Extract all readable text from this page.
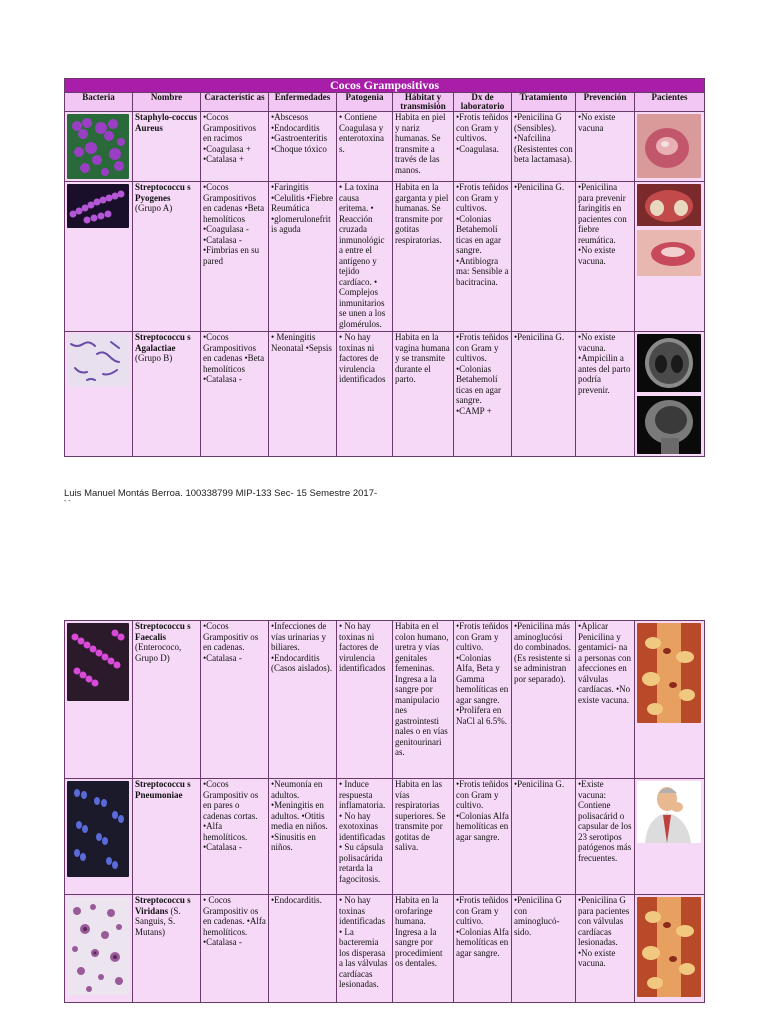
Cocos Grampositivos									
Bacteria	Nombre	Característic as	Enfermedades	Patogenia	Hábitat y transmisión	Dx de laboratorio	Tratamiento	Prevención	Pacientes

	Staphylo-coccus Aureus	•Cocos Grampositivos en racimos •Coagulasa + •Catalasa +	•Abscesos •Endocarditis •Gastroenteritis •Choque tóxico	• Contiene Coagulasa y enterotoxina s.	Habita en piel y nariz humanas. Se transmite a través de las manos.	•Frotis teñidos con Gram y cultivos. •Coagulasa.	•Penicilina G (Sensibles). •Nafcilina (Resistentes con beta lactamasa).	•No existe vacuna	

	Streptococcu s Pyogenes (Grupo A)	•Cocos Grampositivos en cadenas •Beta hemolíticos •Coagulasa - •Catalasa - •Fimbrias en su pared	•Faringitis •Celulitis •Fiebre Reumática •glomerulonefrit is aguda	• La toxina causa eritema. • Reacción cruzada inmunológic a entre el antígeno y tejido cardíaco. • Complejos inmunitarios se unen a los glomérulos.	Habita en la garganta y piel humanas. Se transmite por gotitas respiratorias.	•Frotis teñidos con Gram y cultivos. •Colonias Betahemolí ticas en agar sangre. •Antibiogra ma: Sensible a bacitracina.	•Penicilina G.	•Penicilina para prevenir faringitis en pacientes con fiebre reumática. •No existe vacuna.	

	Streptococcu s Agalactiae (Grupo B)	•Cocos Grampositivos en cadenas •Beta hemolíticos •Catalasa -	• Meningitis Neonatal •Sepsis	• No hay toxinas ni factores de virulencia identificados	Habita en la vagina humana y se transmite durante el parto.	•Frotis teñidos con Gram y cultivos. •Colonias Betahemolí ticas en agar sangre. •CAMP +	•Penicilina G.	•No existe vacuna. •Ampicilin a antes del parto podría prevenir.	
Luis Manuel Montás Berroa. 100338799 MIP-133 Sec- 15 Semestre 2017-
- -
	Streptococcu s Faecalis (Enterococo, Grupo D)	•Cocos Grampositiv os en cadenas. •Catalasa -	•Infecciones de vías urinarias y biliares. •Endocarditis (Casos aislados).	• No hay toxinas ni factores de virulencia identificados	Habita en el colon humano, uretra y vías genitales femeninas. Ingresa a la sangre por manipulacio nes gastrointesti nales o en vías genitourinari as.	•Frotis teñidos con Gram y cultivo. •Colonias Alfa, Beta y Gamma hemolíticas en agar sangre. •Prolifera en NaCl al 6.5%.	•Penicilina más aminoglucósi do combinados. (Es resistente si se administran por separado).	•Aplicar Penicilina y gentamici- na a personas con afecciones en válvulas cardíacas. •No existe vacuna.	

	Streptococcu s Pneumoniae	•Cocos Grampositiv os en pares o cadenas cortas. •Alfa hemolíticos. •Catalasa -	•Neumonía en adultos. •Meningitis en adultos. •Otitis media en niños. •Sinusitis en niños.	• Induce respuesta inflamatoria. • No hay exotoxinas identificadas • Su cápsula polisacárida retarda la fagocitosis.	Habita en las vías respiratorias superiores. Se transmite por gotitas de saliva.	•Frotis teñidos con Gram y cultivo. •Colonias Alfa hemolíticas en agar sangre.	•Penicilina G.	•Existe vacuna: Contiene polisacárid o capsular de los 23 serotipos patógenos más frecuentes.	

	Streptococcu s Viridans (S. Sanguis, S. Mutans)	• Cocos Grampositiv os en cadenas. •Alfa hemolíticos. •Catalasa -	•Endocarditis.	• No hay toxinas identificadas • La bacteremia los disperasa a las válvulas cardíacas lesionadas.	Habita en la orofaringe humana. Ingresa a la sangre por procedimient os dentales.	•Frotis teñidos con Gram y cultivo. •Colonias Alfa hemolíticas en agar sangre.	•Penicilina G con aminoglucó- sido.	•Penicilina G para pacientes con válvulas cardíacas lesionadas. •No existe vacuna.	
